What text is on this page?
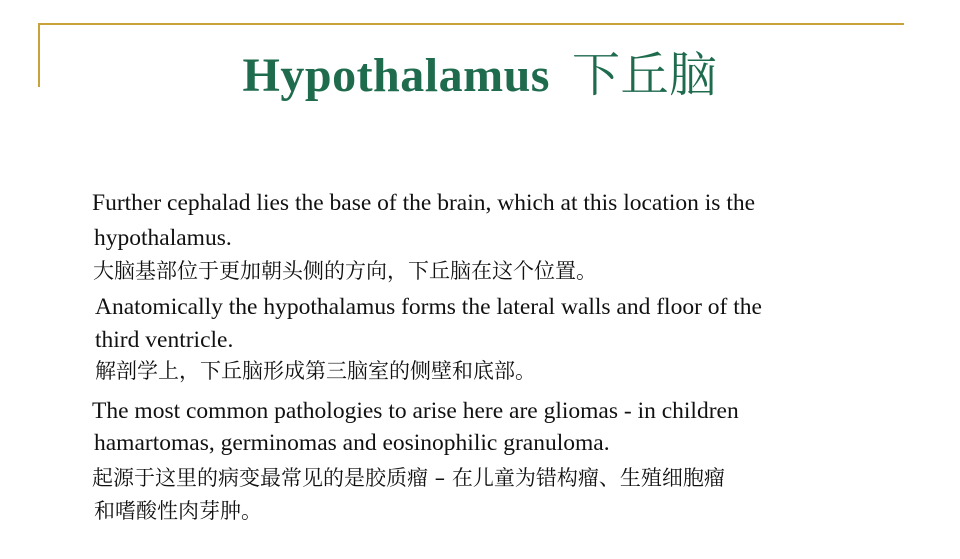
Hypothalamus 下丘脑
Further cephalad lies the base of the brain, which at this location is the
hypothalamus.
大脑基部位于更加朝头侧的方向，下丘脑在这个位置。
Anatomically the hypothalamus forms the lateral walls and floor of the
third ventricle.
解剖学上，下丘脑形成第三脑室的侧壁和底部。
The most common pathologies to arise here are gliomas - in children
hamartomas, germinomas and eosinophilic granuloma.
起源于这里的病变最常见的是胶质瘤 – 在儿童为错构瘤、生殖细胞瘤
和嗜酸性肉芽肿。
